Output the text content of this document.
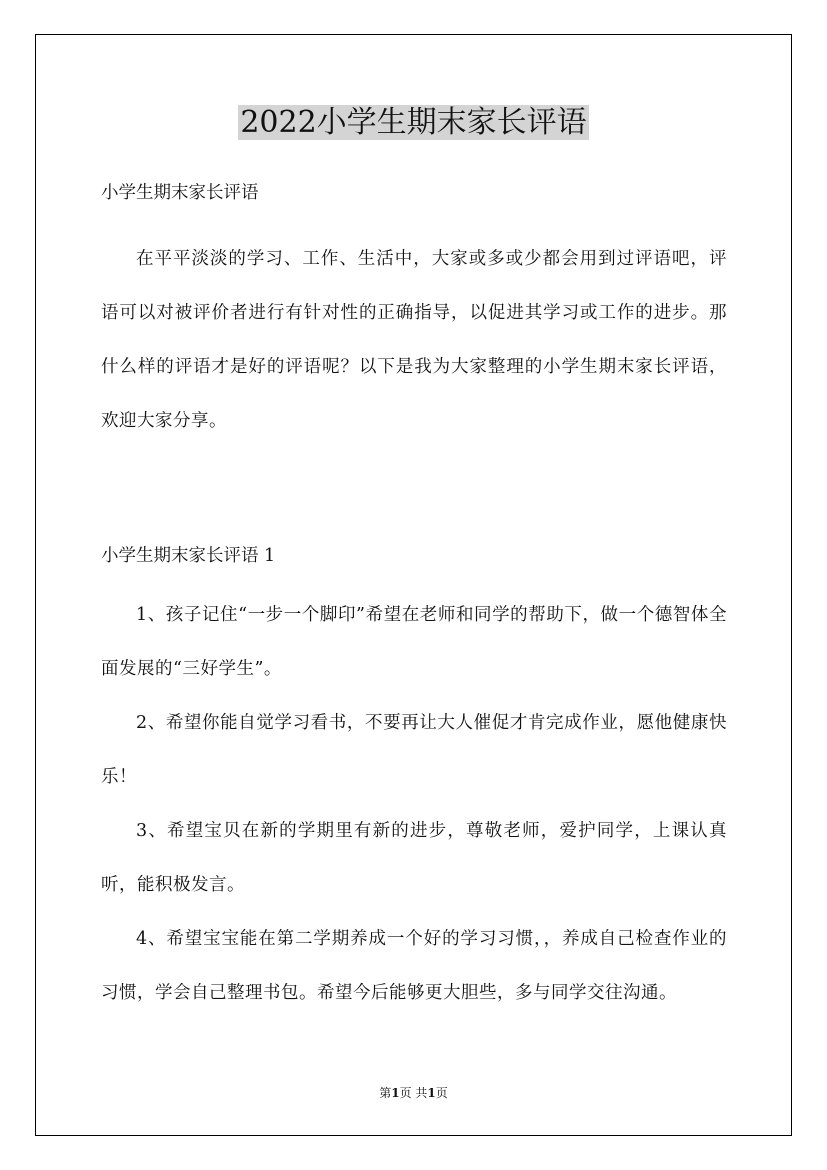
2022小学生期末家长评语

小学生期末家长评语

在平平淡淡的学习、工作、生活中，大家或多或少都会用到过评语吧，评语可以对被评价者进行有针对性的正确指导，以促进其学习或工作的进步。那什么样的评语才是好的评语呢？以下是我为大家整理的小学生期末家长评语，欢迎大家分享。

小学生期末家长评语 1

1、孩子记住“一步一个脚印”希望在老师和同学的帮助下，做一个德智体全面发展的“三好学生”。

2、希望你能自觉学习看书，不要再让大人催促才肯完成作业，愿他健康快乐！

3、希望宝贝在新的学期里有新的进步，尊敬老师，爱护同学，上课认真听，能积极发言。

4、希望宝宝能在第二学期养成一个好的学习习惯，，养成自己检查作业的习惯，学会自己整理书包。希望今后能够更大胆些，多与同学交往沟通。

第1页 共1页
